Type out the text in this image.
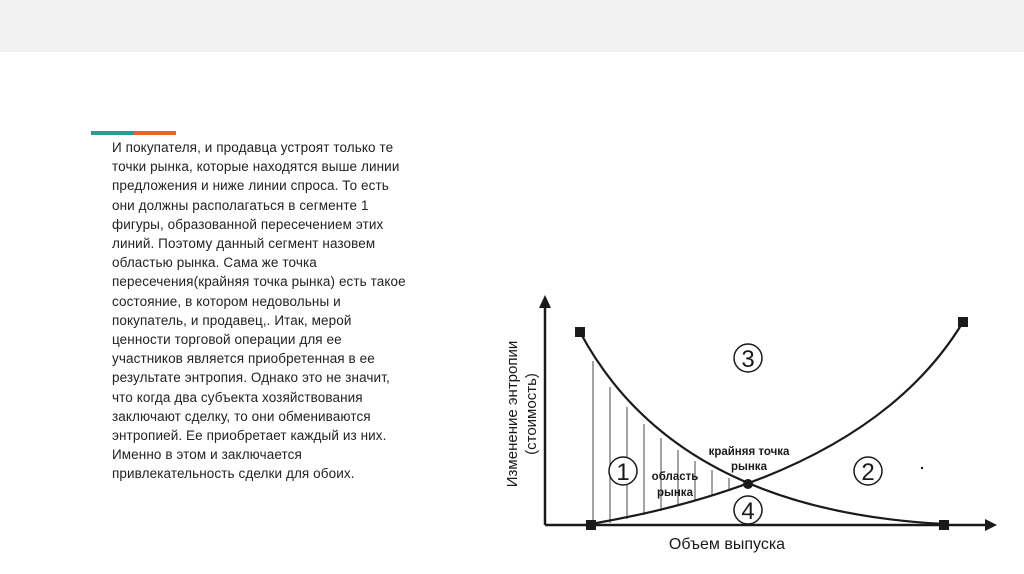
И покупателя, и продавца устроят только те
точки рынка, которые находятся выше линии
предложения и ниже линии спроса. То есть
они должны располагаться в сегменте 1
фигуры, образованной пересечением этих
линий. Поэтому данный сегмент назовем
областью рынка. Сама же точка
пересечения(крайняя точка рынка) есть такое
состояние, в котором недовольны и
покупатель, и продавец,. Итак, мерой
ценности торговой операции для ее
участников является приобретенная в ее
результате энтропия. Однако это не значит,
что когда два субъекта хозяйствования
заключают сделку, то они обмениваются
энтропией. Ее приобретает каждый из них.
Именно в этом и заключается
привлекательность сделки для обоих.	1	2
3
4
область
рынка
крайняя точка
рынка
Изменение энтропии (стоимость)
Объем выпуска
